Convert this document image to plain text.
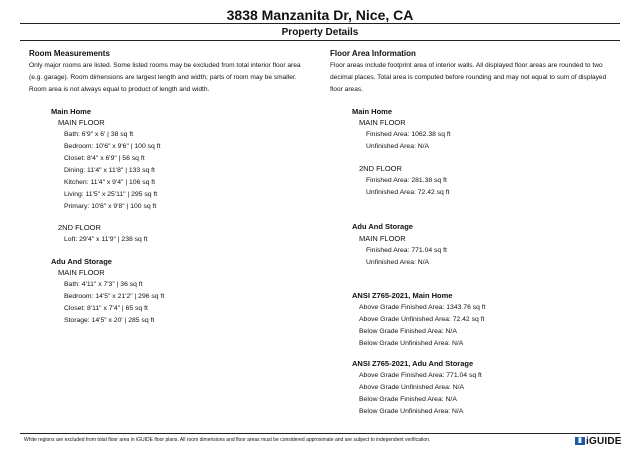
3838 Manzanita Dr, Nice, CA
Property Details
Room Measurements
Only major rooms are listed. Some listed rooms may be excluded from total interior floor area
(e.g. garage). Room dimensions are largest length and width; parts of room may be smaller.
Room area is not always equal to product of length and width.
Main Home
MAIN FLOOR
Bath: 6'9" x 6' | 38 sq ft
Bedroom: 10'6" x 9'6" | 100 sq ft
Closet: 8'4" x 6'9" | 56 sq ft
Dining: 11'4" x 11'8" | 133 sq ft
Kitchen: 11'4" x 9'4" | 106 sq ft
Living: 11'5" x 25'11" | 295 sq ft
Primary: 10'6" x 9'8" | 100 sq ft
2ND FLOOR
Loft: 29'4" x 11'9" | 238 sq ft
Adu And Storage
MAIN FLOOR
Bath: 4'11" x 7'3" | 36 sq ft
Bedroom: 14'5" x 21'2" | 296 sq ft
Closet: 8'11" x 7'4" | 65 sq ft
Storage: 14'5" x 20' | 285 sq ft
Floor Area Information
Floor areas include footprint area of interior walls. All displayed floor areas are rounded to two
decimal places. Total area is computed before rounding and may not equal to sum of displayed
floor areas.
Main Home
MAIN FLOOR
Finished Area: 1062.38 sq ft
Unfinished Area: N/A
2ND FLOOR
Finished Area: 281.38 sq ft
Unfinished Area: 72.42 sq ft
Adu And Storage
MAIN FLOOR
Finished Area: 771.04 sq ft
Unfinished Area: N/A
ANSI Z765-2021, Main Home
Above Grade Finished Area: 1343.76 sq ft
Above Grade Unfinished Area: 72.42 sq ft
Below Grade Finished Area: N/A
Below Grade Unfinished Area: N/A
ANSI Z765-2021, Adu And Storage
Above Grade Finished Area: 771.04 sq ft
Above Grade Unfinished Area: N/A
Below Grade Finished Area: N/A
Below Grade Unfinished Area: N/A
White regions are excluded from total floor area in iGUIDE floor plans. All room dimensions and floor areas must be considered approximate and are subject to independent verification.	▮ iGUIDE
